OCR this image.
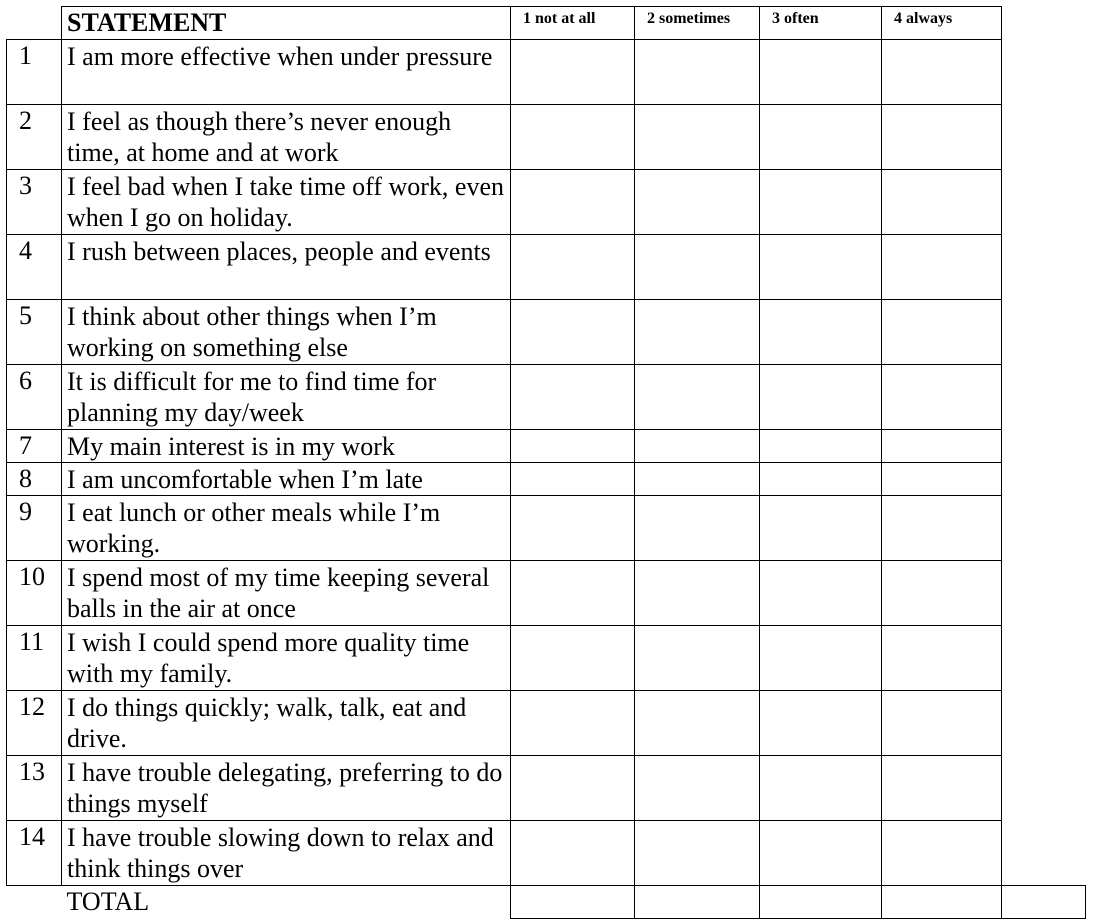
	STATEMENT	1 not at all	2 sometimes	3 often	4 always	
1	I am more effective when under pressure					
2	I feel as though there’s never enough time, at home and at work					
3	I feel bad when I take time off work, even when I go on holiday.					
4	I rush between places, people and events					
5	I think about other things when I’m working on something else					
6	It is difficult for me to find time for planning my day/week					
7	My main interest is in my work					
8	I am uncomfortable when I’m late					
9	I eat lunch or other meals while I’m working.					
10	I spend most of my time keeping several balls in the air at once					
11	I wish I could spend more quality time with my family.					
12	I do things quickly; walk, talk, eat and drive.					
13	I have trouble delegating, preferring to do things myself					
14	I have trouble slowing down to relax and think things over					
	TOTAL					
